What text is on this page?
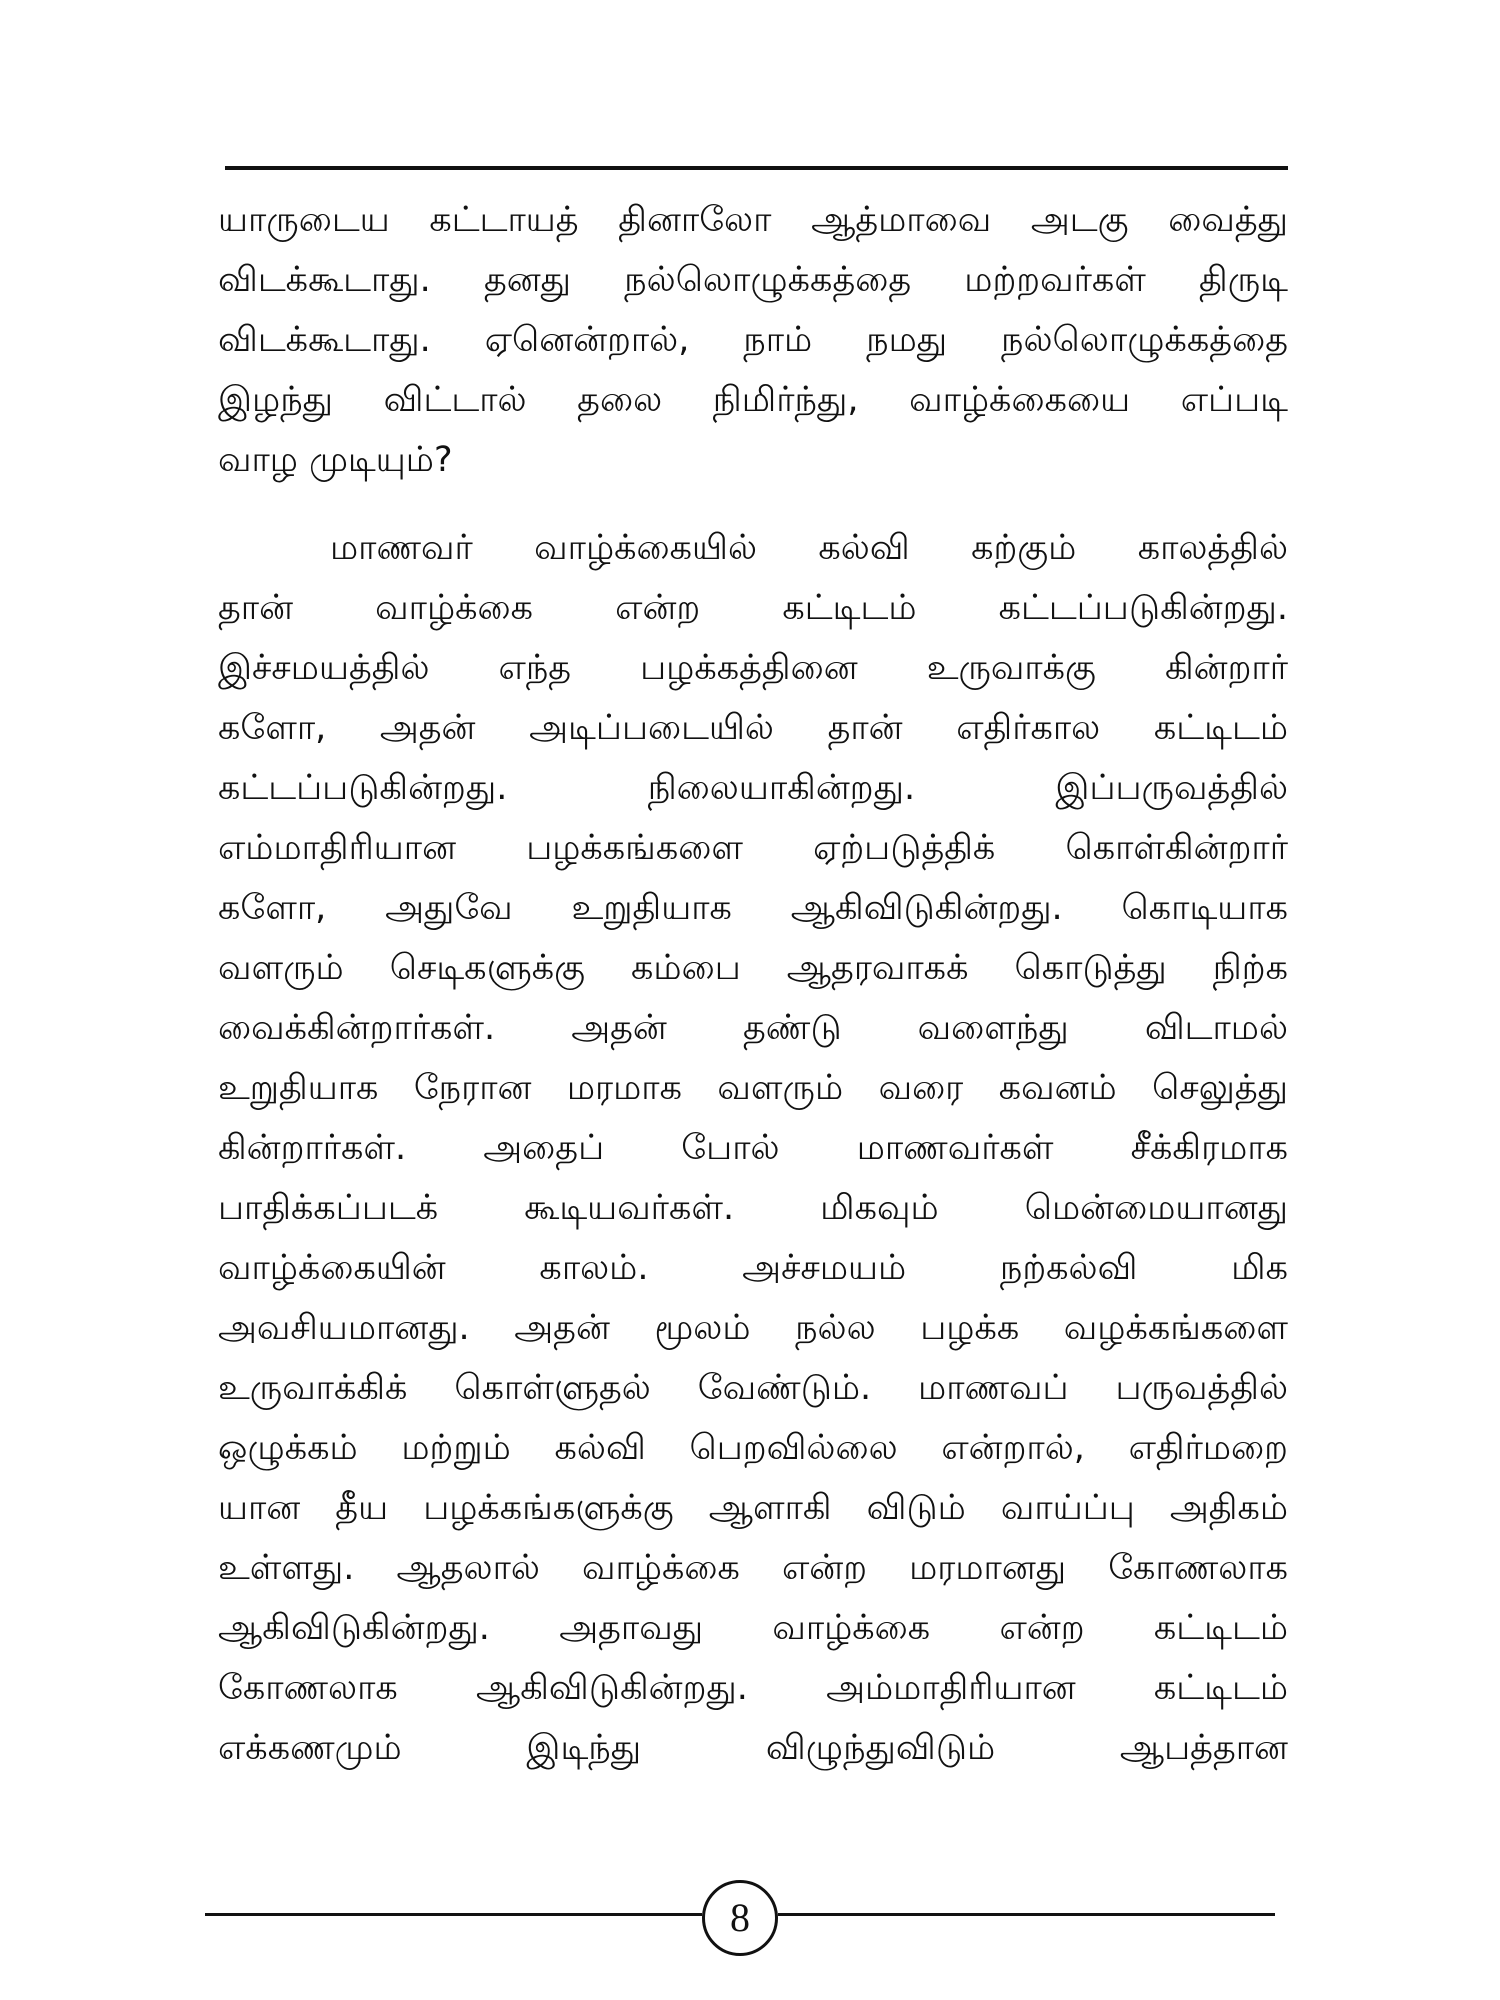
யாருடைய கட்டாயத் தினாலோ ஆத்மாவை அடகு வைத்து
விடக்கூடாது. தனது நல்லொழுக்கத்தை மற்றவர்கள் திருடி
விடக்கூடாது. ஏனென்றால், நாம் நமது நல்லொழுக்கத்தை
இழந்து விட்டால் தலை நிமிர்ந்து, வாழ்க்கையை எப்படி
வாழ முடியும்?
மாணவர் வாழ்க்கையில் கல்வி கற்கும் காலத்தில்
தான் வாழ்க்கை என்ற கட்டிடம் கட்டப்படுகின்றது.
இச்சமயத்தில் எந்த பழக்கத்தினை உருவாக்கு கின்றார்
களோ, அதன் அடிப்படையில் தான் எதிர்கால கட்டிடம்
கட்டப்படுகின்றது. நிலையாகின்றது. இப்பருவத்தில்
எம்மாதிரியான பழக்கங்களை ஏற்படுத்திக் கொள்கின்றார்
களோ, அதுவே உறுதியாக ஆகிவிடுகின்றது. கொடியாக
வளரும் செடிகளுக்கு கம்பை ஆதரவாகக் கொடுத்து நிற்க
வைக்கின்றார்கள். அதன் தண்டு வளைந்து விடாமல்
உறுதியாக நேரான மரமாக வளரும் வரை கவனம் செலுத்து
கின்றார்கள். அதைப் போல் மாணவர்கள் சீக்கிரமாக
பாதிக்கப்படக் கூடியவர்கள். மிகவும் மென்மையானது
வாழ்க்கையின் காலம். அச்சமயம் நற்கல்வி மிக
அவசியமானது. அதன் மூலம் நல்ல பழக்க வழக்கங்களை
உருவாக்கிக் கொள்ளுதல் வேண்டும். மாணவப் பருவத்தில்
ஒழுக்கம் மற்றும் கல்வி பெறவில்லை என்றால், எதிர்மறை
யான தீய பழக்கங்களுக்கு ஆளாகி விடும் வாய்ப்பு அதிகம்
உள்ளது. ஆதலால் வாழ்க்கை என்ற மரமானது கோணலாக
ஆகிவிடுகின்றது. அதாவது வாழ்க்கை என்ற கட்டிடம்
கோணலாக ஆகிவிடுகின்றது. அம்மாதிரியான கட்டிடம்
எக்கணமும் இடிந்து விழுந்துவிடும் ஆபத்தான
8
